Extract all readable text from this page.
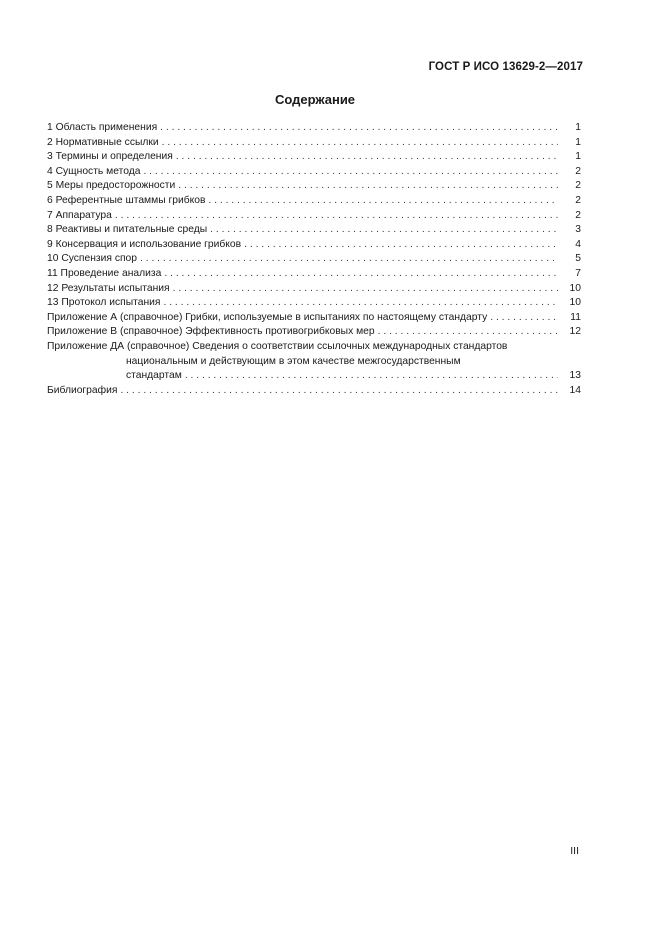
ГОСТ Р ИСО 13629-2—2017
Содержание
1 Область применения . . .	1
2 Нормативные ссылки . . .	1
3 Термины и определения . . .	1
4 Сущность метода . . .	2
5 Меры предосторожности . . .	2
6 Референтные штаммы грибков . . .	2
7 Аппаратура . . .	2
8 Реактивы и питательные среды . . .	3
9 Консервация и использование грибков . . .	4
10 Суспензия спор . . .	5
11 Проведение анализа . . .	7
12 Результаты испытания . . .	10
13 Протокол испытания . . .	10
Приложение А (справочное) Грибки, используемые в испытаниях по настоящему стандарту . . .	11
Приложение В (справочное) Эффективность противогрибковых мер . . .	12
Приложение ДА (справочное) Сведения о соответствии ссылочных международных стандартов
национальным и действующим в этом качестве межгосударственным
стандартам . . .	13
Библиография . . .	14
III
